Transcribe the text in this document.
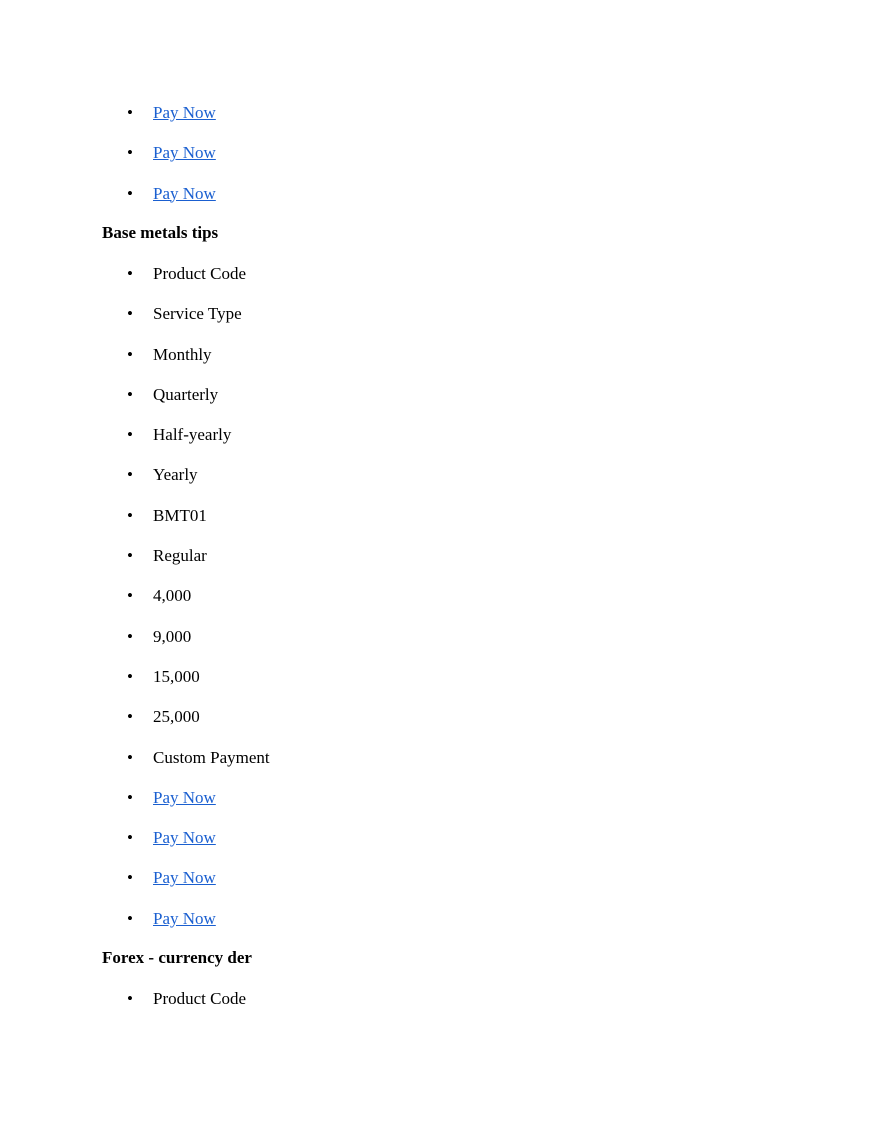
• Pay Now
• Pay Now
• Pay Now

Base metals tips

• Product Code
• Service Type
• Monthly
• Quarterly
• Half-yearly
• Yearly
• BMT01
• Regular
• 4,000
• 9,000
• 15,000
• 25,000
• Custom Payment
• Pay Now
• Pay Now
• Pay Now
• Pay Now

Forex - currency der

• Product Code
